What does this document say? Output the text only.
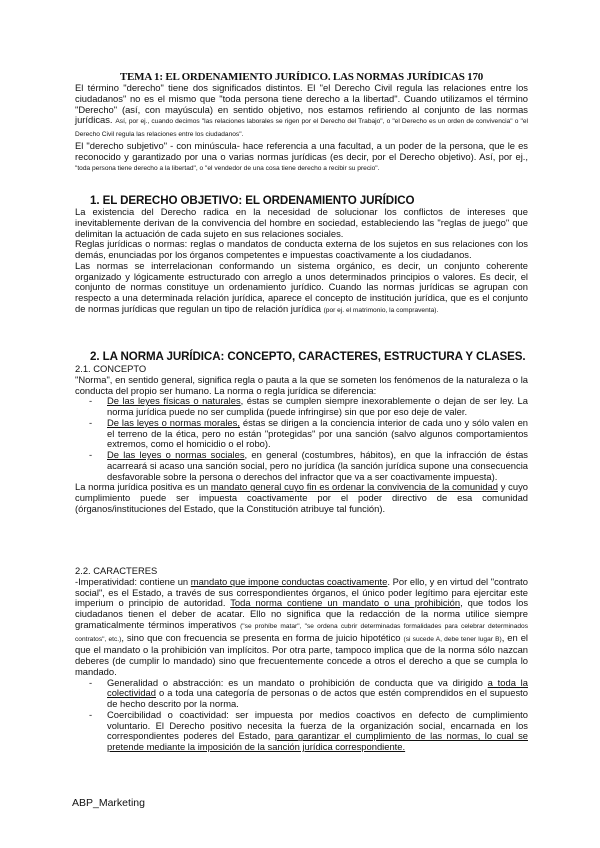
TEMA 1: EL ORDENAMIENTO JURÍDICO. LAS NORMAS JURÍDICAS 170

El término "derecho" tiene dos significados distintos. El "el Derecho Civil regula las relaciones entre los ciudadanos" no es el mismo que "toda persona tiene derecho a la libertad". Cuando utilizamos el término "Derecho" (así, con mayúscula) en sentido objetivo, nos estamos refiriendo al conjunto de las normas jurídicas. Así, por ej., cuando decimos "las relaciones laborales se rigen por el Derecho del Trabajo", o "el Derecho es un orden de convivencia" o "el Derecho Civil regula las relaciones entre los ciudadanos".

El "derecho subjetivo" - con minúscula- hace referencia a una facultad, a un poder de la persona, que le es reconocido y garantizado por una o varias normas jurídicas (es decir, por el Derecho objetivo). Así, por ej., "toda persona tiene derecho a la libertad", o "el vendedor de una cosa tiene derecho a recibir su precio".

1. EL DERECHO OBJETIVO: EL ORDENAMIENTO JURÍDICO

La existencia del Derecho radica en la necesidad de solucionar los conflictos de intereses que inevitablemente derivan de la convivencia del hombre en sociedad, estableciendo las "reglas de juego" que delimitan la actuación de cada sujeto en sus relaciones sociales.

Reglas jurídicas o normas: reglas o mandatos de conducta externa de los sujetos en sus relaciones con los demás, enunciadas por los órganos competentes e impuestas coactivamente a los ciudadanos.

Las normas se interrelacionan conformando un sistema orgánico, es decir, un conjunto coherente organizado y lógicamente estructurado con arreglo a unos determinados principios o valores. Es decir, el conjunto de normas constituye un ordenamiento jurídico. Cuando las normas jurídicas se agrupan con respecto a una determinada relación jurídica, aparece el concepto de institución jurídica, que es el conjunto de normas jurídicas que regulan un tipo de relación jurídica (por ej. el matrimonio, la compraventa).

2. LA NORMA JURÍDICA: CONCEPTO, CARACTERES, ESTRUCTURA Y CLASES.

2.1. CONCEPTO

"Norma", en sentido general, significa regla o pauta a la que se someten los fenómenos de la naturaleza o la conducta del propio ser humano. La norma o regla jurídica se diferencia:

- De las leyes físicas o naturales, éstas se cumplen siempre inexorablemente o dejan de ser ley. La norma jurídica puede no ser cumplida (puede infringirse) sin que por eso deje de valer.
- De las leyes o normas morales, éstas se dirigen a la conciencia interior de cada uno y sólo valen en el terreno de la ética, pero no están "protegidas" por una sanción (salvo algunos comportamientos extremos, como el homicidio o el robo).
- De las leyes o normas sociales, en general (costumbres, hábitos), en que la infracción de éstas acarreará si acaso una sanción social, pero no jurídica (la sanción jurídica supone una consecuencia desfavorable sobre la persona o derechos del infractor que va a ser coactivamente impuesta).

La norma jurídica positiva es un mandato general cuyo fin es ordenar la convivencia de la comunidad y cuyo cumplimiento puede ser impuesta coactivamente por el poder directivo de esa comunidad (órganos/instituciones del Estado, que la Constitución atribuye tal función).

2.2. CARACTERES

-Imperatividad: contiene un mandato que impone conductas coactivamente. Por ello, y en virtud del "contrato social", es el Estado, a través de sus correspondientes órganos, el único poder legítimo para ejercitar este imperium o principio de autoridad. Toda norma contiene un mandato o una prohibición, que todos los ciudadanos tienen el deber de acatar. Ello no significa que la redacción de la norma utilice siempre gramaticalmente términos imperativos ("se prohíbe matar", "se ordena cubrir determinadas formalidades para celebrar determinados contratos", etc.), sino que con frecuencia se presenta en forma de juicio hipotético (si sucede A, debe tener lugar B), en el que el mandato o la prohibición van implícitos. Por otra parte, tampoco implica que de la norma sólo nazcan deberes (de cumplir lo mandado) sino que frecuentemente concede a otros el derecho a que se cumpla lo mandado.

- Generalidad o abstracción: es un mandato o prohibición de conducta que va dirigido a toda la colectividad o a toda una categoría de personas o de actos que estén comprendidos en el supuesto de hecho descrito por la norma.
- Coercibilidad o coactividad: ser impuesta por medios coactivos en defecto de cumplimiento voluntario. El Derecho positivo necesita la fuerza de la organización social, encarnada en los correspondientes poderes del Estado, para garantizar el cumplimiento de las normas, lo cual se pretende mediante la imposición de la sanción jurídica correspondiente.
ABP_Marketing
